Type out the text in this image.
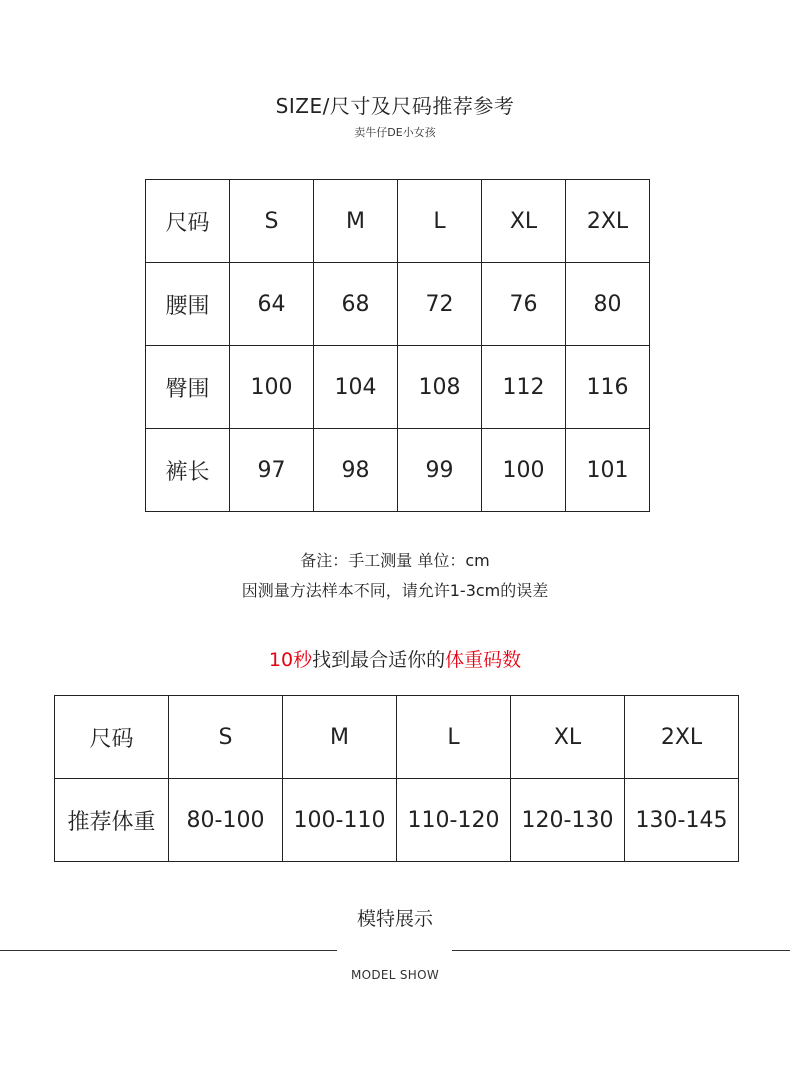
SIZE/尺寸及尺码推荐参考
卖牛仔DE小女孩
尺码	S	M	L	XL	2XL
腰围	64	68	72	76	80
臀围	100	104	108	112	116
裤长	97	98	99	100	101
备注：手工测量 单位：cm
因测量方法样本不同，请允许1-3cm的误差
10秒找到最合适你的体重码数
尺码	S	M	L	XL	2XL
推荐体重	80-100	100-110	110-120	120-130	130-145
模特展示
MODEL SHOW
